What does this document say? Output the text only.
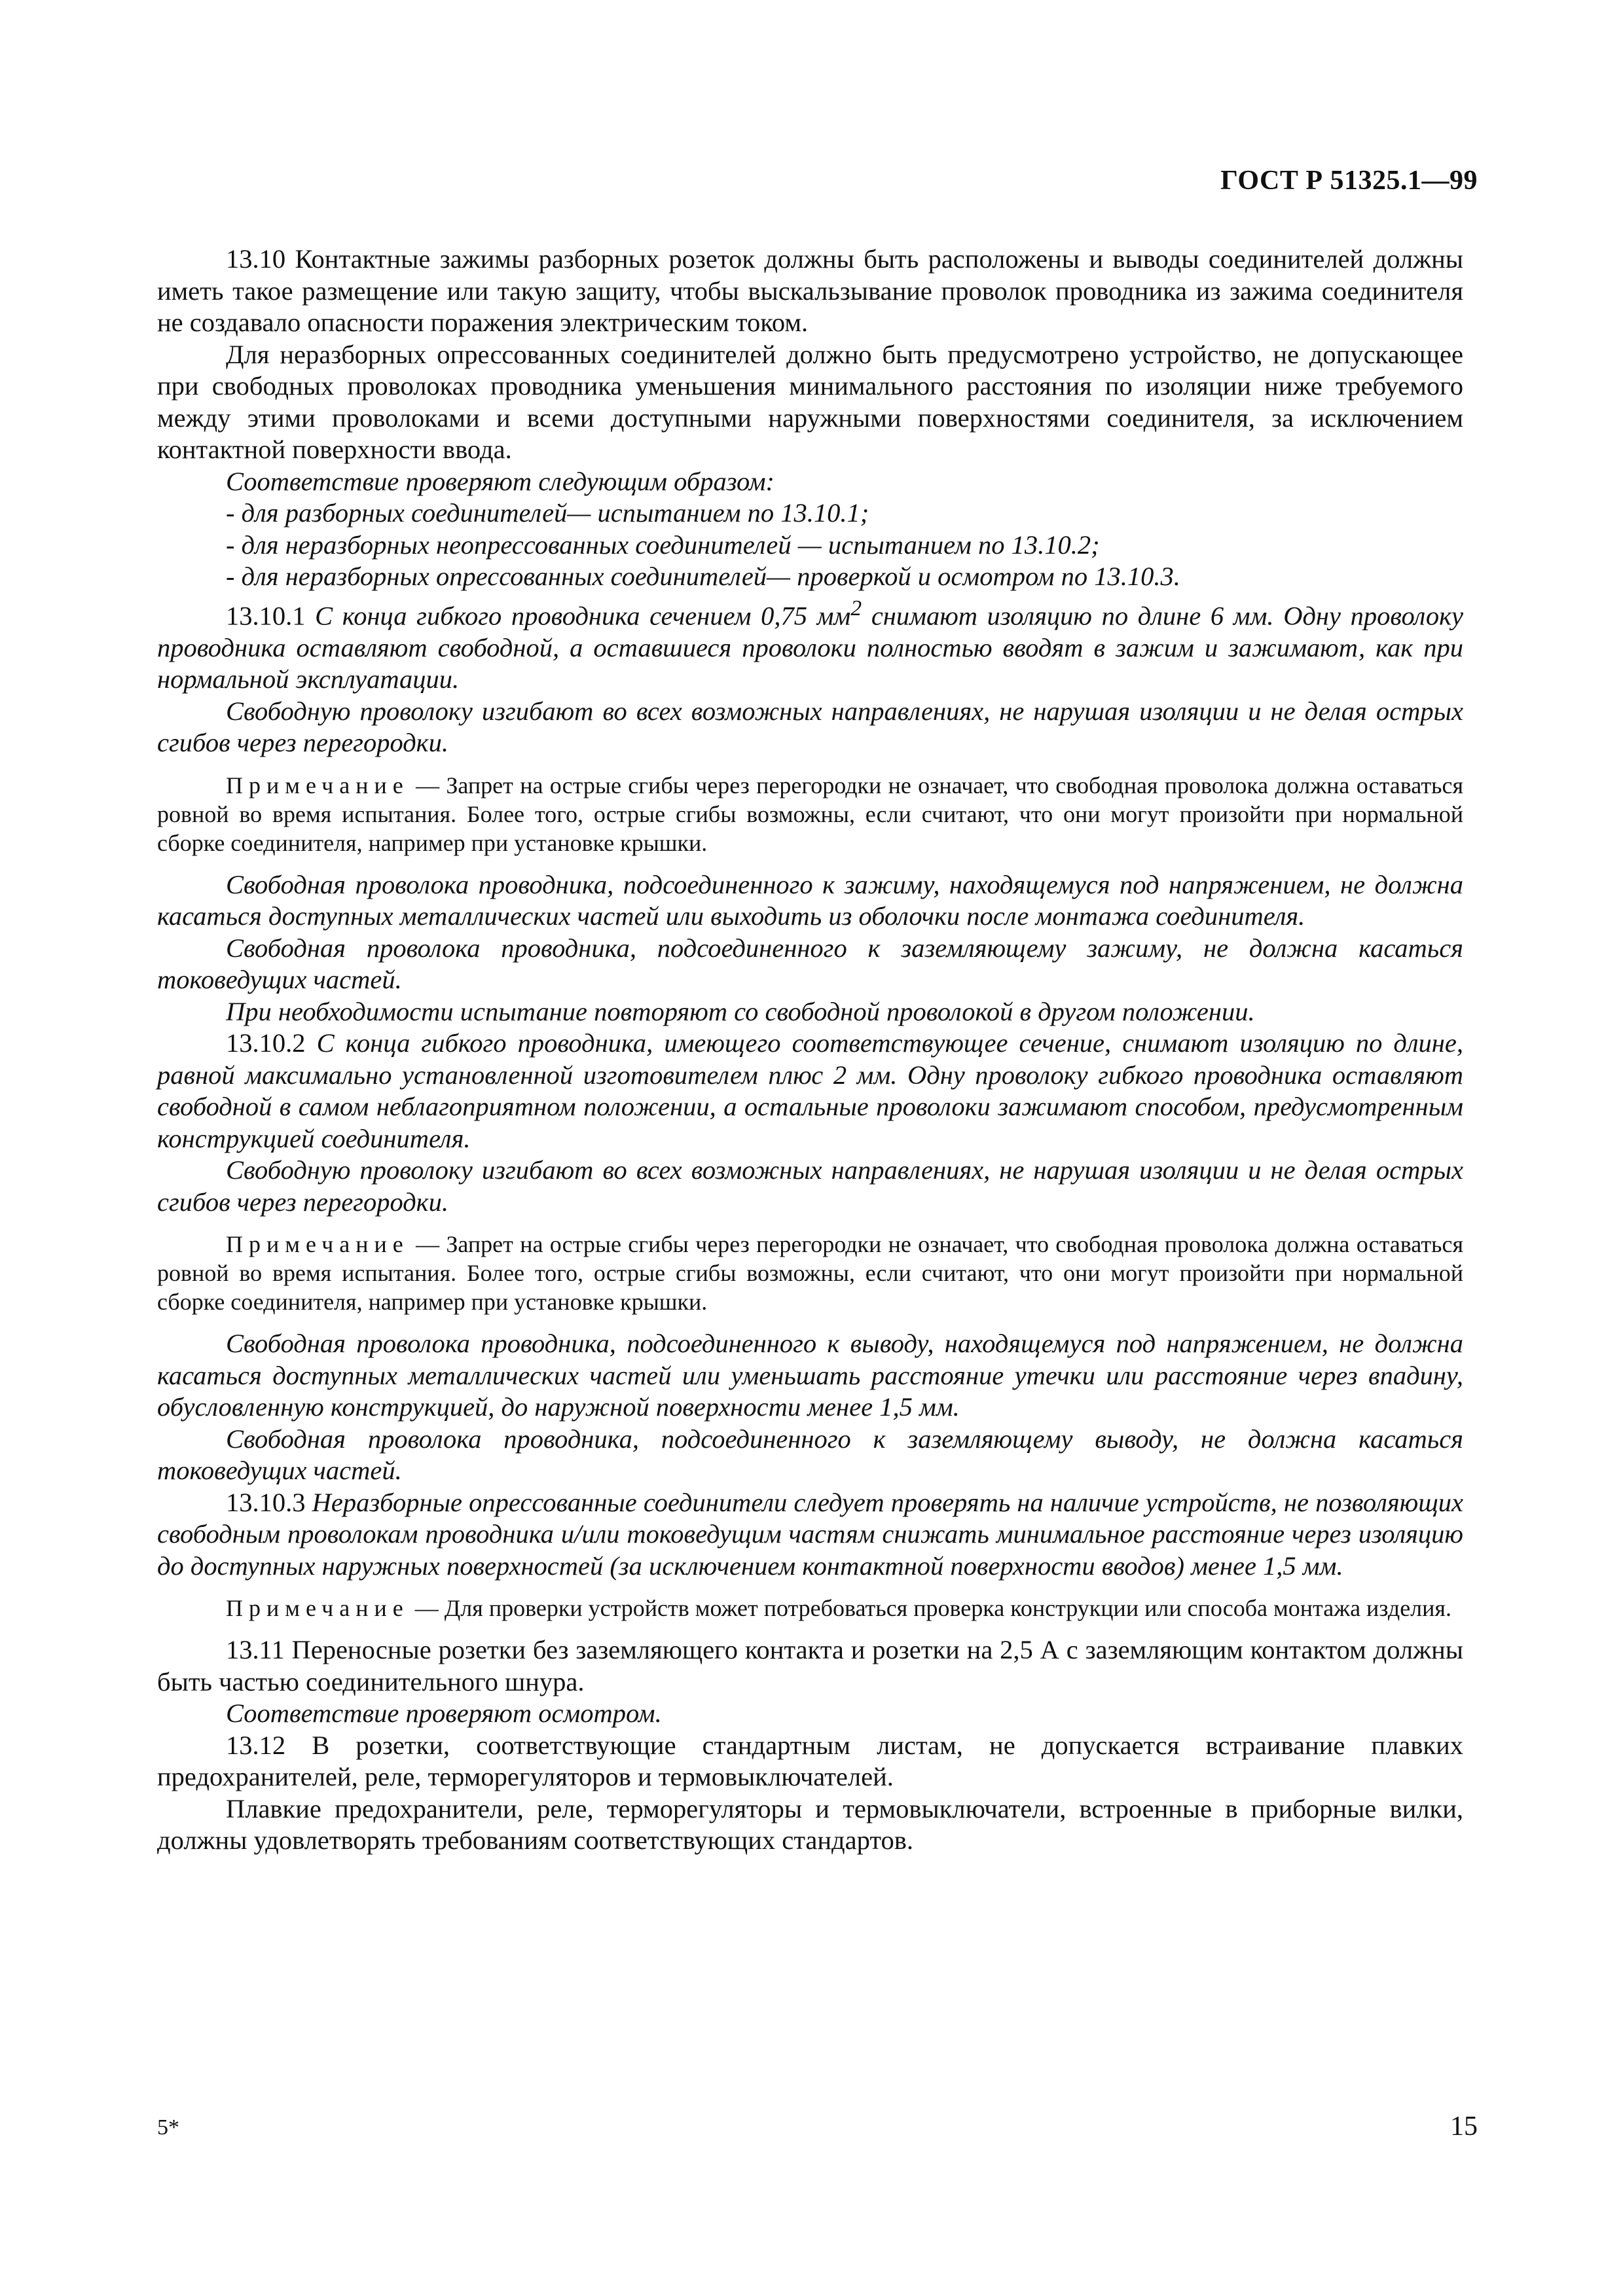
ГОСТ Р 51325.1—99

13.10 Контактные зажимы разборных розеток должны быть расположены и выводы соединителей должны иметь такое размещение или такую защиту, чтобы выскальзывание проволок проводника из зажима соединителя не создавало опасности поражения электрическим током.

Для неразборных опрессованных соединителей должно быть предусмотрено устройство, не допускающее при свободных проволоках проводника уменьшения минимального расстояния по изоляции ниже требуемого между этими проволоками и всеми доступными наружными поверхностями соединителя, за исключением контактной поверхности ввода.

Соответствие проверяют следующим образом:

- для разборных соединителей— испытанием по 13.10.1;

- для неразборных неопрессованных соединителей — испытанием по 13.10.2;

- для неразборных опрессованных соединителей— проверкой и осмотром по 13.10.3.

13.10.1 С конца гибкого проводника сечением 0,75 $мм^2$ снимают изоляцию по длине 6 мм. Одну проволоку проводника оставляют свободной, а оставшиеся проволоки полностью вводят в зажим и зажимают, как при нормальной эксплуатации.

Свободную проволоку изгибают во всех возможных направлениях, не нарушая изоляции и не делая острых сгибов через перегородки.

Примечание — Запрет на острые сгибы через перегородки не означает, что свободная проволока должна оставаться ровной во время испытания. Более того, острые сгибы возможны, если считают, что они могут произойти при нормальной сборке соединителя, например при установке крышки.

Свободная проволока проводника, подсоединенного к зажиму, находящемуся под напряжением, не должна касаться доступных металлических частей или выходить из оболочки после монтажа соединителя.

Свободная проволока проводника, подсоединенного к заземляющему зажиму, не должна касаться токоведущих частей.

При необходимости испытание повторяют со свободной проволокой в другом положении.

13.10.2 С конца гибкого проводника, имеющего соответствующее сечение, снимают изоляцию по длине, равной максимально установленной изготовителем плюс 2 мм. Одну проволоку гибкого проводника оставляют свободной в самом неблагоприятном положении, а остальные проволоки зажимают способом, предусмотренным конструкцией соединителя.

Свободную проволоку изгибают во всех возможных направлениях, не нарушая изоляции и не делая острых сгибов через перегородки.

Примечание — Запрет на острые сгибы через перегородки не означает, что свободная проволока должна оставаться ровной во время испытания. Более того, острые сгибы возможны, если считают, что они могут произойти при нормальной сборке соединителя, например при установке крышки.

Свободная проволока проводника, подсоединенного к выводу, находящемуся под напряжением, не должна касаться доступных металлических частей или уменьшать расстояние утечки или расстояние через впадину, обусловленную конструкцией, до наружной поверхности менее 1,5 мм.

Свободная проволока проводника, подсоединенного к заземляющему выводу, не должна касаться токоведущих частей.

13.10.3 Неразборные опрессованные соединители следует проверять на наличие устройств, не позволяющих свободным проволокам проводника и/или токоведущим частям снижать минимальное расстояние через изоляцию до доступных наружных поверхностей (за исключением контактной поверхности вводов) менее 1,5 мм.

Примечание — Для проверки устройств может потребоваться проверка конструкции или способа монтажа изделия.

13.11 Переносные розетки без заземляющего контакта и розетки на 2,5 А с заземляющим контактом должны быть частью соединительного шнура.

Соответствие проверяют осмотром.

13.12 В розетки, соответствующие стандартным листам, не допускается встраивание плавких предохранителей, реле, терморегуляторов и термовыключателей.

Плавкие предохранители, реле, терморегуляторы и термовыключатели, встроенные в приборные вилки, должны удовлетворять требованиям соответствующих стандартов.

5*	15
